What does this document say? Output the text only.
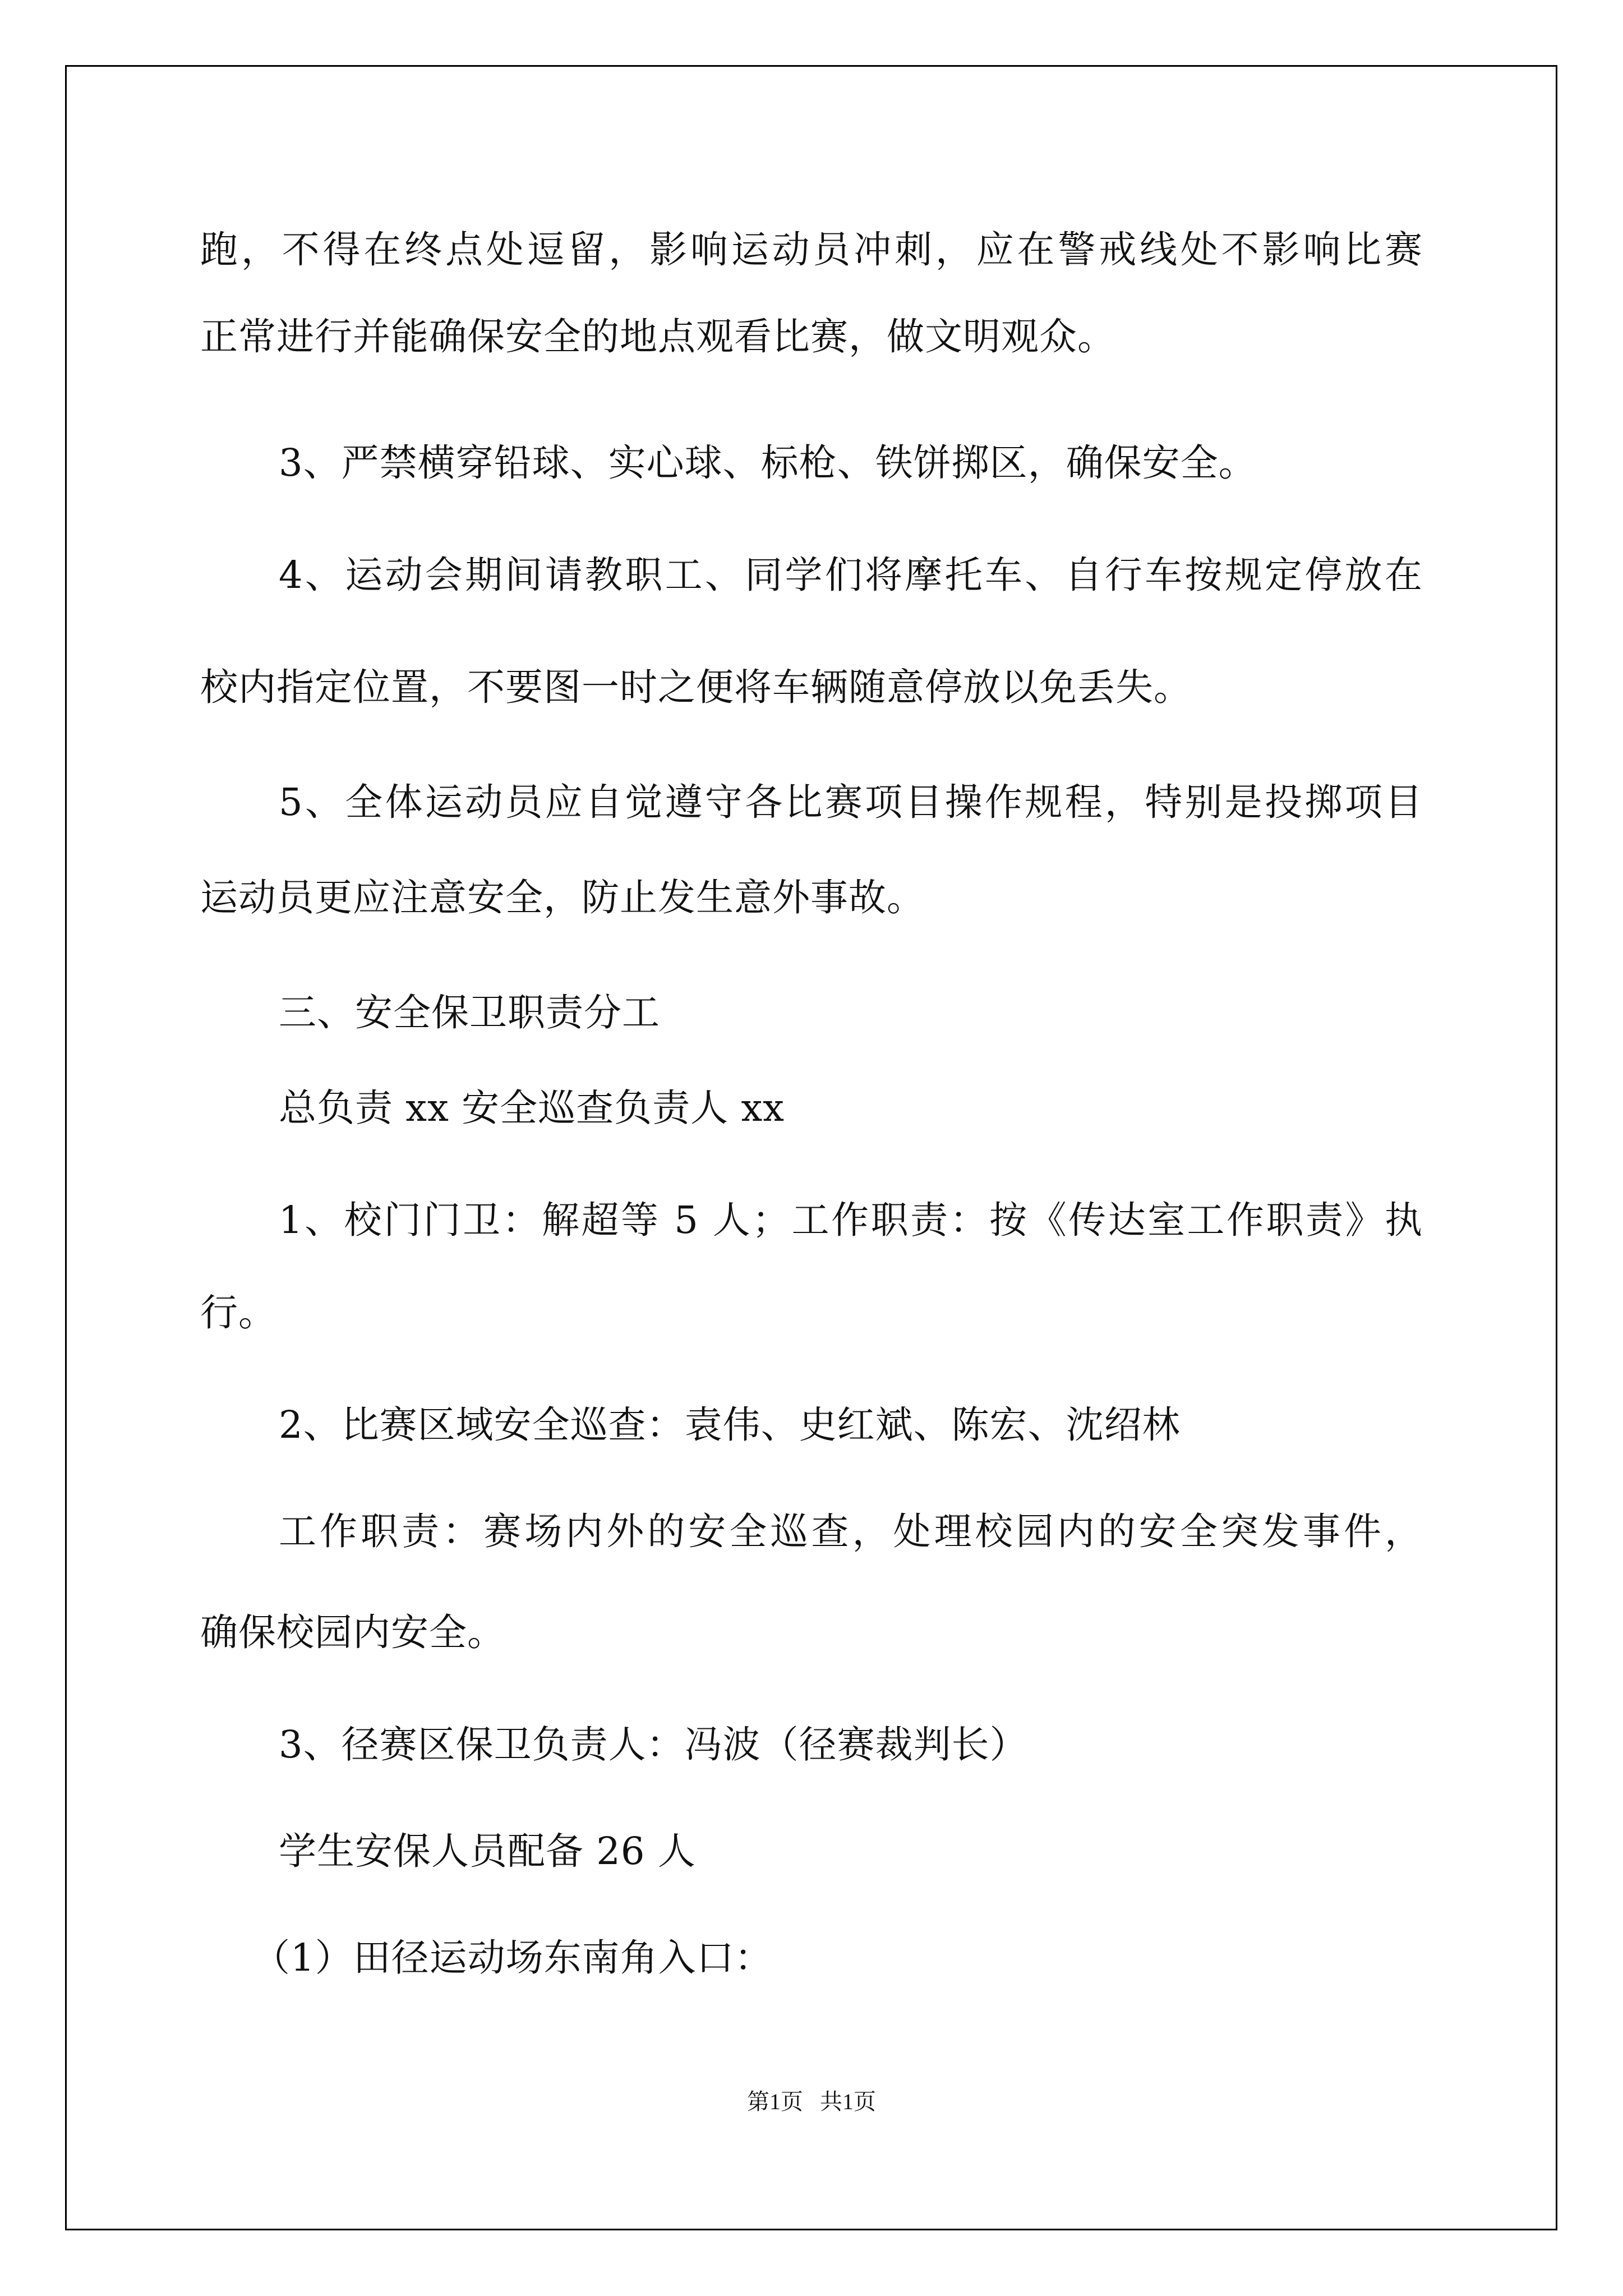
跑，不得在终点处逗留，影响运动员冲刺，应在警戒线处不影响比赛
正常进行并能确保安全的地点观看比赛，做文明观众。
3、严禁横穿铅球、实心球、标枪、铁饼掷区，确保安全。
4、运动会期间请教职工、同学们将摩托车、自行车按规定停放在
校内指定位置，不要图一时之便将车辆随意停放以免丢失。
5、全体运动员应自觉遵守各比赛项目操作规程，特别是投掷项目
运动员更应注意安全，防止发生意外事故。
三、安全保卫职责分工
总负责 xx 安全巡查负责人 xx
1、校门门卫：解超等 5 人；工作职责：按《传达室工作职责》执
行。
2、比赛区域安全巡查：袁伟、史红斌、陈宏、沈绍林
工作职责：赛场内外的安全巡查，处理校园内的安全突发事件，
确保校园内安全。
3、径赛区保卫负责人：冯波（径赛裁判长）
学生安保人员配备 26 人
（1）田径运动场东南角入口：
第1页   共1页
